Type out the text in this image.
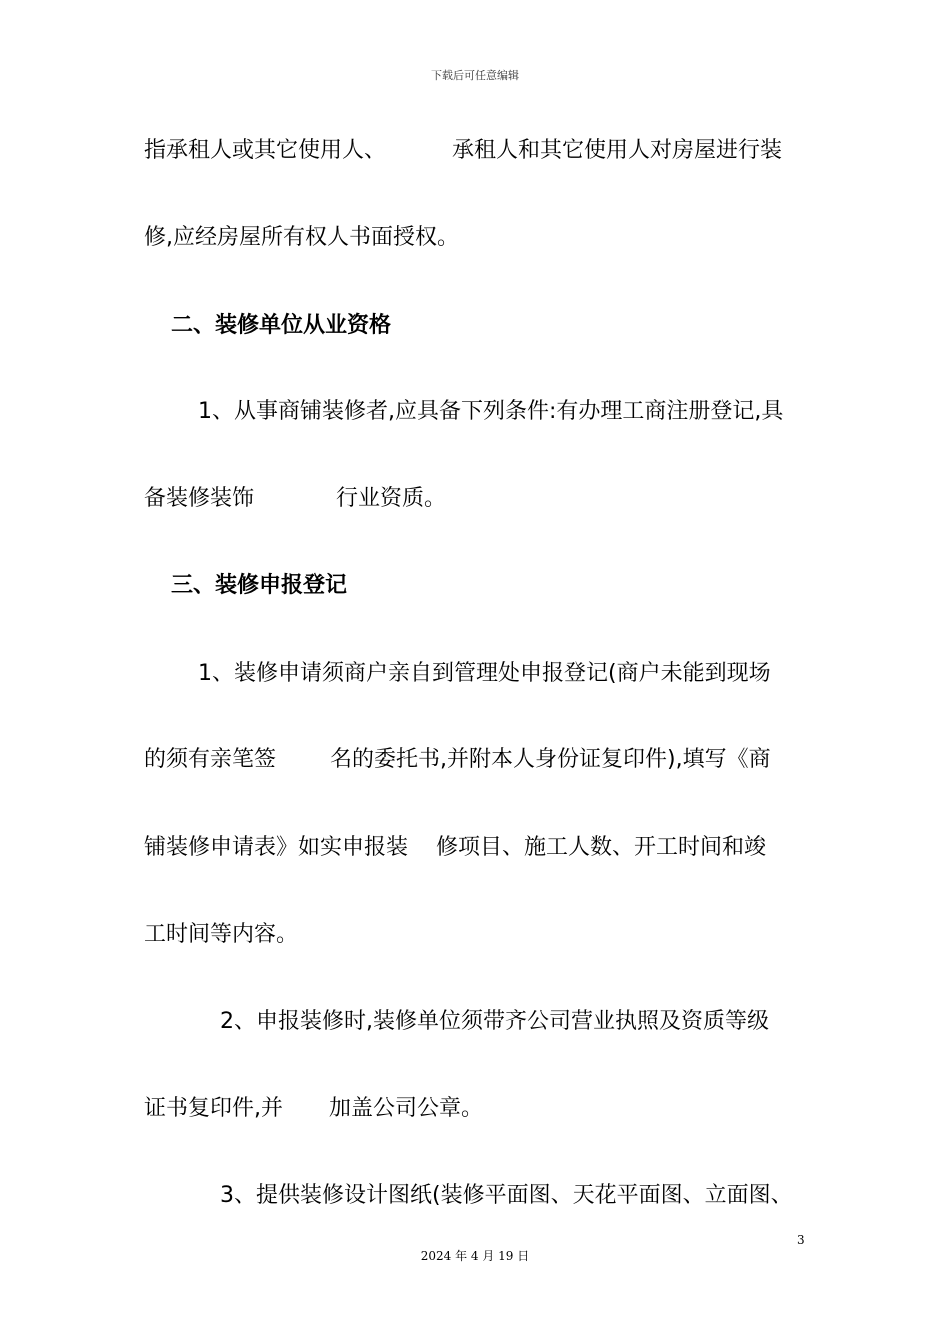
下载后可任意编辑
指承租人或其它使用人、	承租人和其它使用人对房屋进行装
修,应经房屋所有权人书面授权。
二、装修单位从业资格
1、从事商铺装修者,应具备下列条件:有办理工商注册登记,具
备装修装饰	行业资质。
三、装修申报登记
1、装修申请须商户亲自到管理处申报登记(商户未能到现场
的须有亲笔签 名的委托书,并附本人身份证复印件),填写《商
铺装修申请表》如实申报装 修项目、施工人数、开工时间和竣
工时间等内容。
2、申报装修时,装修单位须带齐公司营业执照及资质等级
证书复印件,并 加盖公司公章。
3、提供装修设计图纸(装修平面图、天花平面图、立面图、
3
2024 年 4 月 19 日
